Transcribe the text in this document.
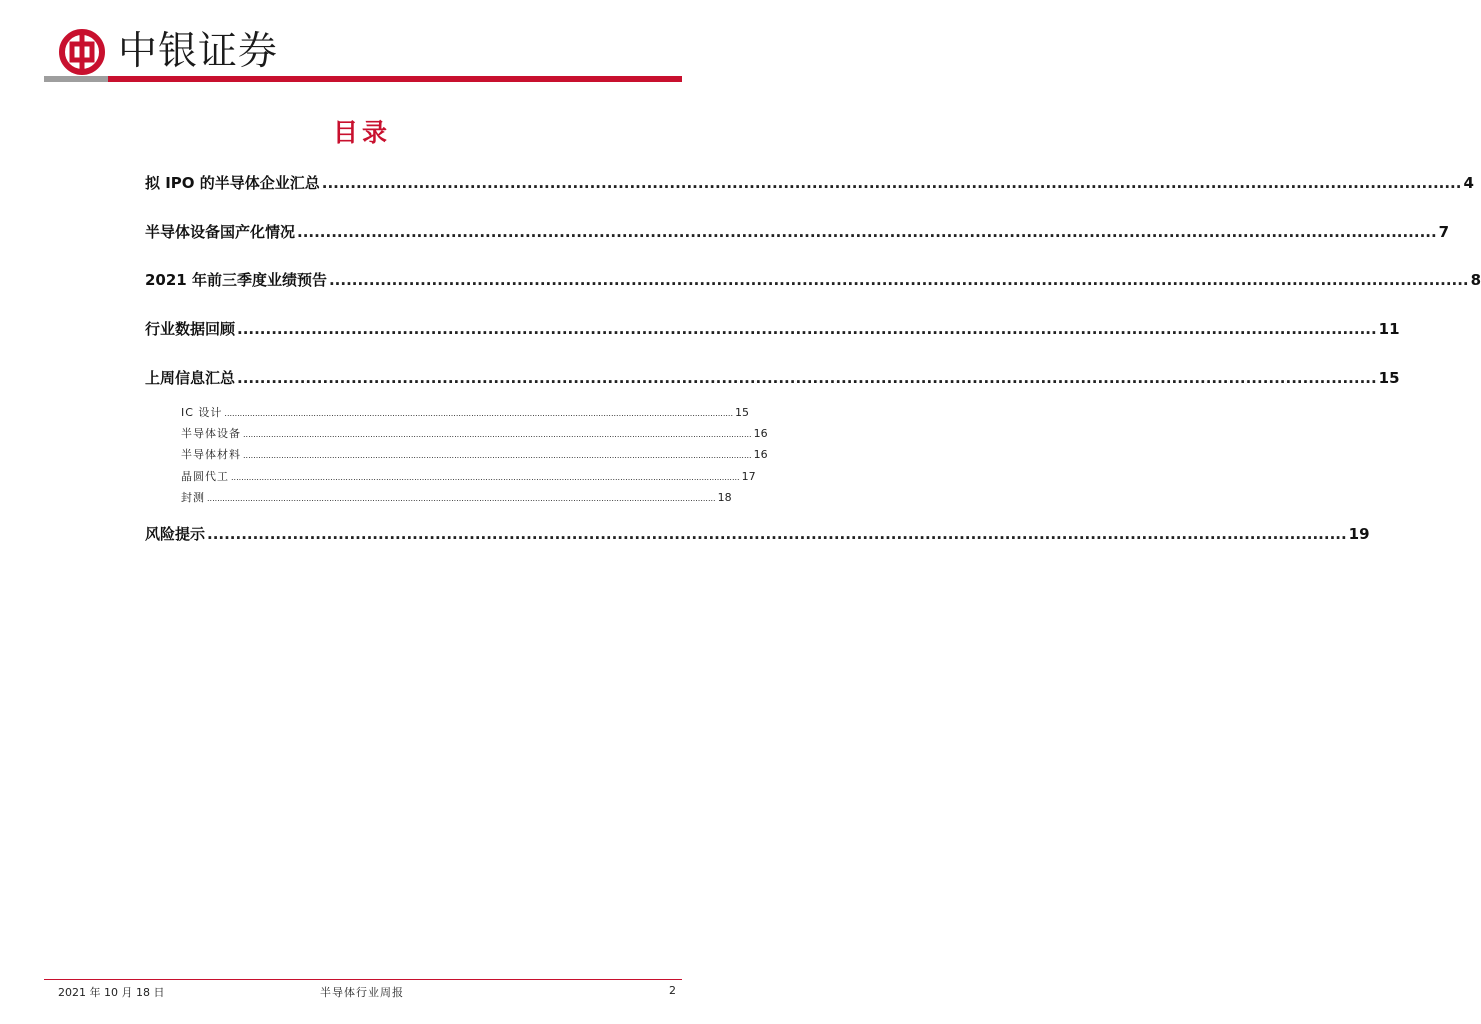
中银证券
目录
拟 IPO 的半导体企业汇总 ........................................................................................................................................................................................................ 4
半导体设备国产化情况 ........................................................................................................................................................................................................ 7
2021 年前三季度业绩预告 ........................................................................................................................................................................................................ 8
行业数据回顾 ........................................................................................................................................................................................................ 11
上周信息汇总 ........................................................................................................................................................................................................ 15
IC 设计 ........................................................................................................................................................................................................ 15
半导体设备 ........................................................................................................................................................................................................ 16
半导体材料 ........................................................................................................................................................................................................ 16
晶圆代工 ........................................................................................................................................................................................................ 17
封测 ........................................................................................................................................................................................................ 18
风险提示 ........................................................................................................................................................................................................ 19
2021 年 10 月 18 日	半导体行业周报	2
